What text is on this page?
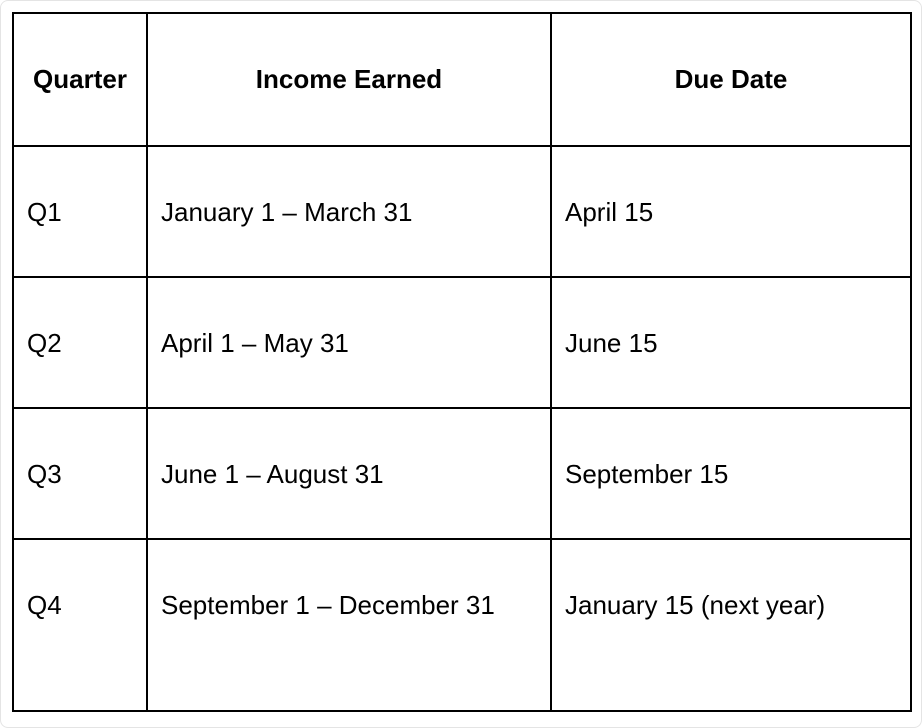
Quarter	Income Earned	Due Date
Q1	January 1 – March 31	April 15
Q2	April 1 – May 31	June 15
Q3	June 1 – August 31	September 15
Q4	September 1 – December 31	January 15 (next year)
